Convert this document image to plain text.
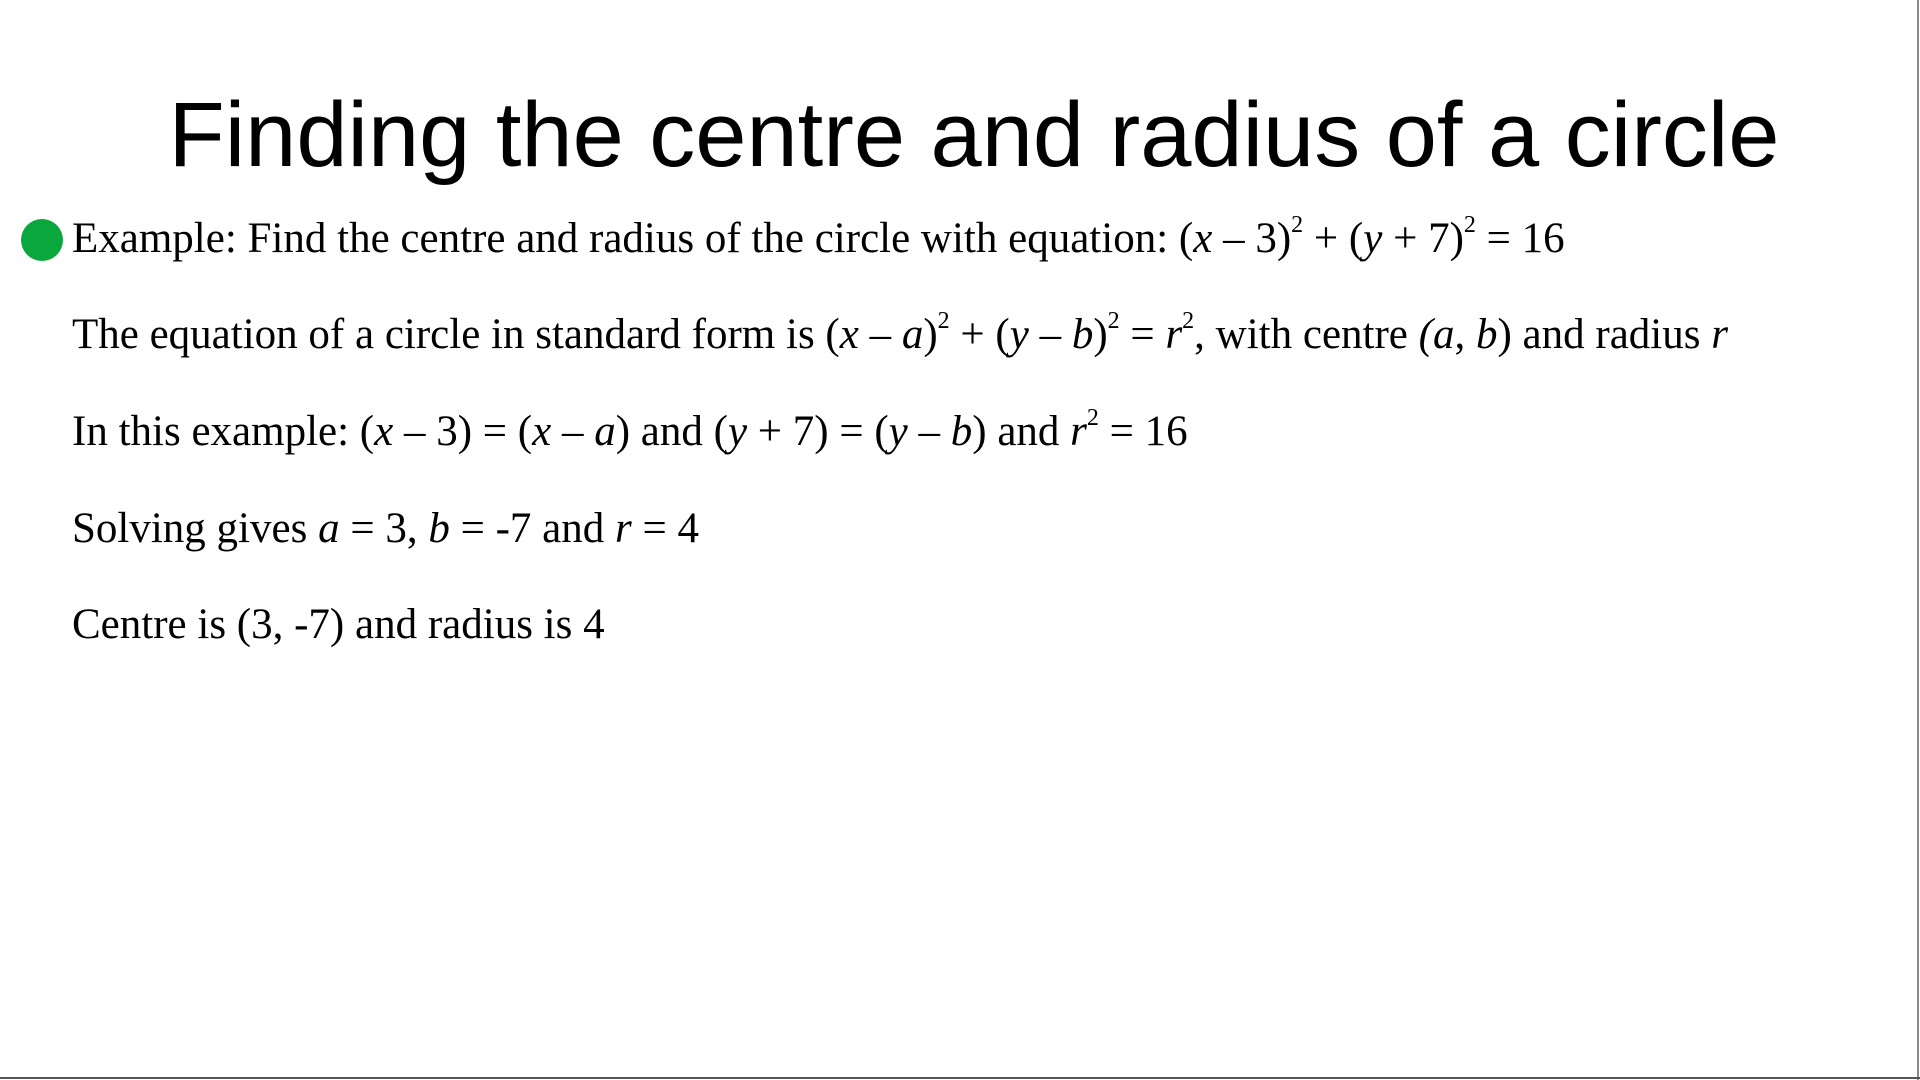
Finding the centre and radius of a circle
Example: Find the centre and radius of the circle with equation: $(x - 3)^2 + (y + 7)^2 = 16$
The equation of a circle in standard form is $(x - a)^2 + (y - b)^2 = r^2$, with centre (a, b) and radius r
In this example: (x – 3) = (x – a) and (y + 7) = (y – b) and $r^2 = 16$
Solving gives a = 3, b = -7 and r = 4
Centre is (3, -7) and radius is 4
